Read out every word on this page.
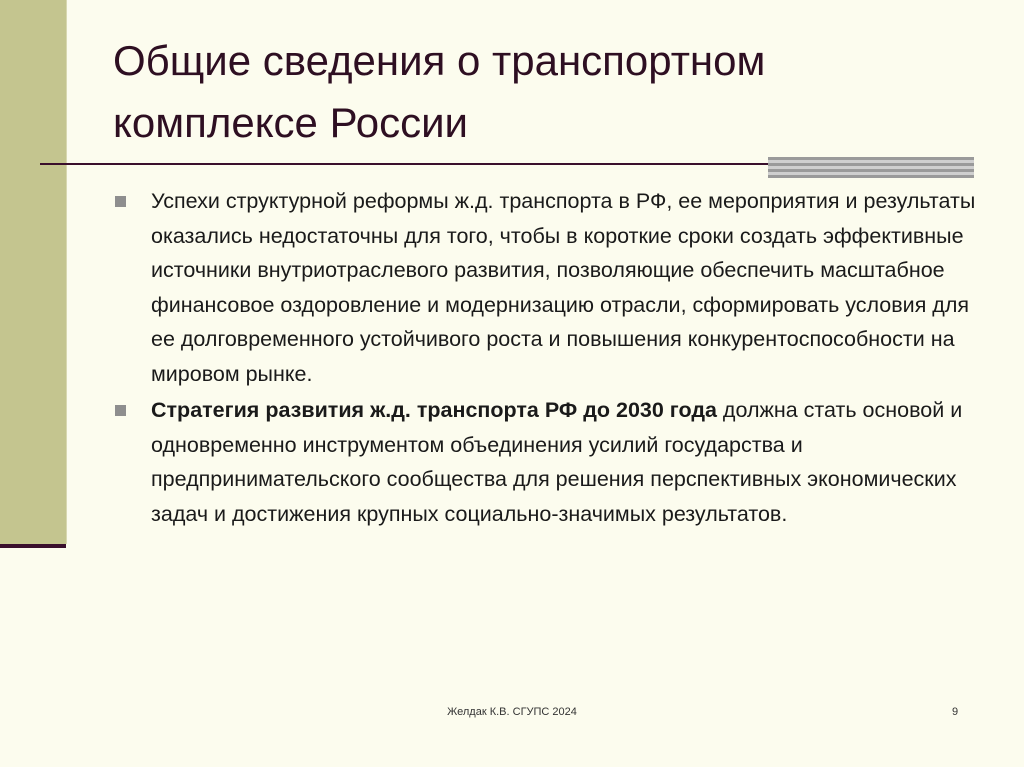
Общие сведения о транспортном
комплексе России
Успехи структурной реформы ж.д. транспорта в РФ, ее мероприятия и результаты оказались недостаточны для того, чтобы в короткие сроки создать эффективные источники внутриотраслевого развития, позволяющие обеспечить масштабное финансовое оздоровление и модернизацию отрасли, сформировать условия для ее долговременного устойчивого роста и повышения конкурентоспособности на мировом рынке.
Стратегия развития ж.д. транспорта РФ до 2030 года должна стать основой и одновременно инструментом объединения усилий государства и предпринимательского сообщества для решения перспективных экономических задач и достижения крупных социально-значимых результатов.
Желдак К.В. СГУПС 2024	9
